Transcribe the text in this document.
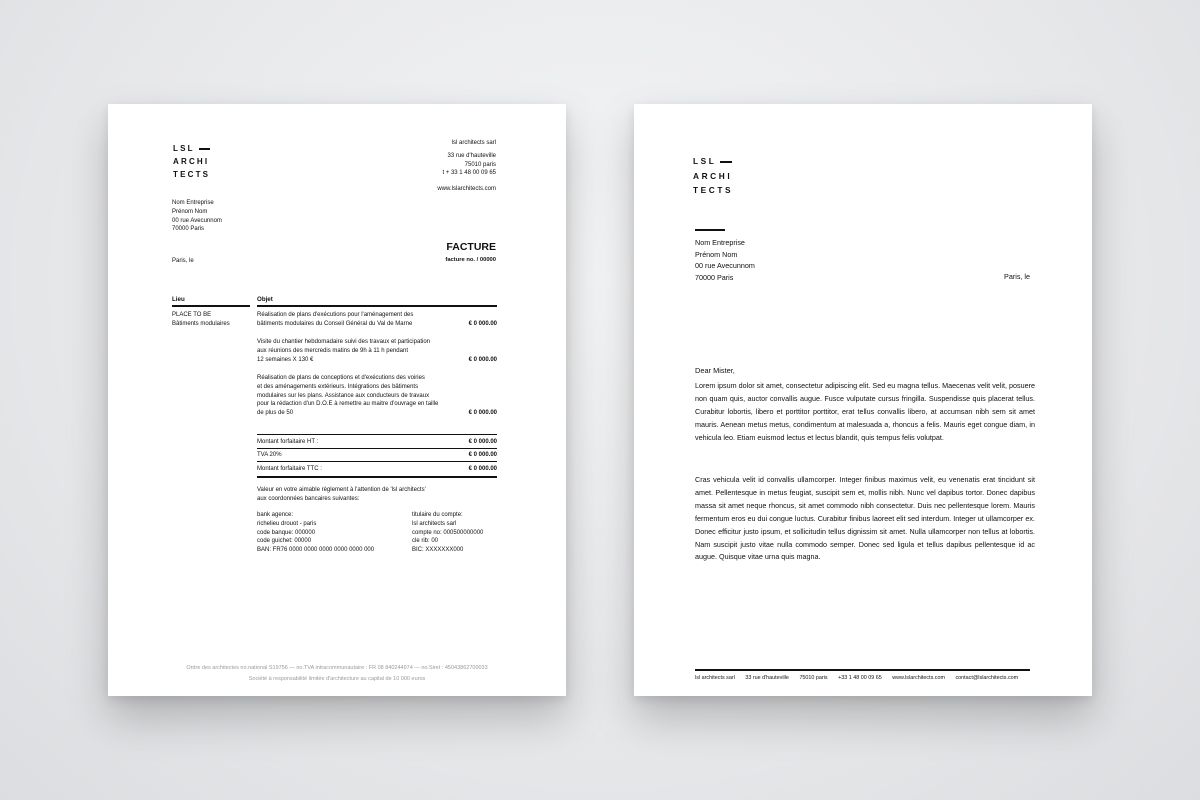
LSL
ARCHI
TECTS
lsl architects sarl
33 rue d'hauteville
75010 paris
t + 33 1 48 00 09 65
www.lslarchitects.com
Nom Entreprise
Prénom Nom
00 rue Avecunnom
70000 Paris
Paris, le
FACTURE
facture no. / 00000
Lieu	Objet
PLACE TO BE
Bâtiments modulaires
Réalisation de plans d'exécutions pour l'aménagement des
bâtiments modulaires du Conseil Général du Val de Marne	€ 0 000.00
Visite du chantier hebdomadaire suivi des travaux et participation
aux réunions des mercredis matins de 9h à 11 h pendant
12 semaines X 130 €	€ 0 000.00
Réalisation de plans de conceptions et d'exécutions des voiries
et des aménagements extérieurs. Intégrations des bâtiments
modulaires sur les plans. Assistance aux conducteurs de travaux
pour la rédaction d'un D.O.E à remettre au maitre d'ouvrage en taille
de plus de 50	€ 0 000.00
Montant forfaitaire HT :	€ 0 000.00
TVA 20%	€ 0 000.00
Montant forfaitaire TTC :	€ 0 000.00
Valeur en votre aimable règlement à l'attention de 'lsl architects'
aux coordonnées bancaires suivantes:
bank agence:
richelieu drouot - paris
code banque: 000000
code guichet: 00000
BAN: FR76 0000 0000 0000 0000 0000 000
titulaire du compte:
lsl architects sarl
compte no: 000500000000
cle rib: 00
BIC: XXXXXXX000
Ordre des architectes no.national S19756 — no.TVA intracommunautaire : FR 08 840244974 — no.Siret : 45043862700033
Société à responsabilité limitée d'architecture au capital de 10 000 euros
LSL
ARCHI
TECTS
Nom Entreprise
Prénom Nom
00 rue Avecunnom
70000 Paris	Paris, le
Dear Mister,
Lorem ipsum dolor sit amet, consectetur adipiscing elit. Sed eu magna tellus. Maecenas velit velit, posuere non quam quis, auctor convallis augue. Fusce vulputate cursus fringilla. Suspendisse quis placerat tellus. Curabitur lobortis, libero et porttitor porttitor, erat tellus convallis libero, at accumsan nibh sem sit amet mauris. Aenean metus metus, condimentum at malesuada a, rhoncus a felis. Mauris eget congue diam, in vehicula leo. Etiam euismod lectus et lectus blandit, quis tempus felis volutpat.
Cras vehicula velit id convallis ullamcorper. Integer finibus maximus velit, eu venenatis erat tincidunt sit amet. Pellentesque in metus feugiat, suscipit sem et, mollis nibh. Nunc vel dapibus tortor. Donec dapibus massa sit amet neque rhoncus, sit amet commodo nibh consectetur. Duis nec pellentesque lorem. Mauris fermentum eros eu dui congue luctus. Curabitur finibus laoreet elit sed interdum. Integer ut ullamcorper ex. Donec efficitur justo ipsum, et sollicitudin tellus dignissim sit amet. Nulla ullamcorper non tellus at lobortis. Nam suscipit justo vitae nulla commodo semper. Donec sed ligula et tellus dapibus pellentesque id ac augue. Quisque vitae urna quis magna.
lsl architects sarl 33 rue d'hauteville 75010 paris +33 1 48 00 09 65 www.lslarchitects.com contact@lslarchitects.com
